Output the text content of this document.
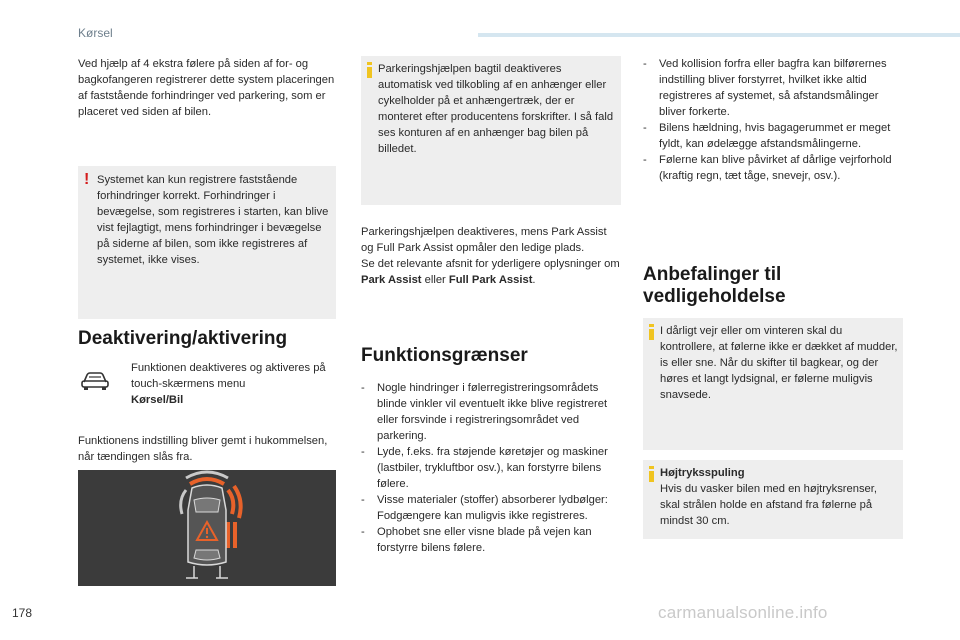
Kørsel
Ved hjælp af 4 ekstra følere på siden af for- og bagkofangeren registrerer dette system placeringen af faststående forhindringer ved parkering, som er placeret ved siden af bilen.
! Systemet kan kun registrere faststående forhindringer korrekt. Forhindringer i bevægelse, som registreres i starten, kan blive vist fejlagtigt, mens forhindringer i bevægelse på siderne af bilen, som ikke registreres af systemet, ikke vises.
Deaktivering/aktivering
Funktionen deaktiveres og aktiveres på touch-skærmens menu
Kørsel/Bil
Funktionens indstilling bliver gemt i hukommelsen, når tændingen slås fra.
Parkeringshjælpen bagtil deaktiveres automatisk ved tilkobling af en anhænger eller cykelholder på et anhængertræk, der er monteret efter producentens forskrifter. I så fald ses konturen af en anhænger bag bilen på billedet.
Parkeringshjælpen deaktiveres, mens Park Assist og Full Park Assist opmåler den ledige plads.
Se det relevante afsnit for yderligere oplysninger om Park Assist eller Full Park Assist.
Funktionsgrænser
- Nogle hindringer i følerregistreringsområdets blinde vinkler vil eventuelt ikke blive registreret eller forsvinde i registreringsområdet ved parkering.
- Lyde, f.eks. fra støjende køretøjer og maskiner (lastbiler, trykluftbor osv.), kan forstyrre bilens følere.
- Visse materialer (stoffer) absorberer lydbølger: Fodgængere kan muligvis ikke registreres.
- Ophobet sne eller visne blade på vejen kan forstyrre bilens følere.
- Ved kollision forfra eller bagfra kan bilførernes indstilling bliver forstyrret, hvilket ikke altid registreres af systemet, så afstandsmålinger bliver forkerte.
- Bilens hældning, hvis bagagerummet er meget fyldt, kan ødelægge afstandsmålingerne.
- Følerne kan blive påvirket af dårlige vejrforhold (kraftig regn, tæt tåge, snevejr, osv.).
Anbefalinger til vedligeholdelse
I dårligt vejr eller om vinteren skal du kontrollere, at følerne ikke er dækket af mudder, is eller sne. Når du skifter til bagkear, og der høres et langt lydsignal, er følerne muligvis snavsede.
Højtryksspuling
Hvis du vasker bilen med en højtryksrenser, skal strålen holde en afstand fra følerne på mindst 30 cm.
178	carmanualsonline.info
